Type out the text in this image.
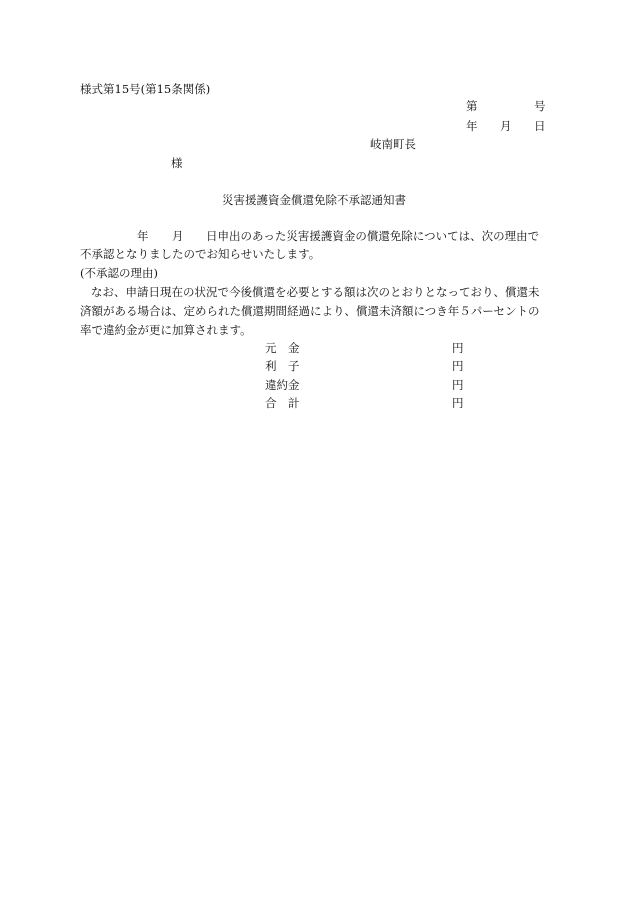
様式第15号(第15条関係)
第	号
年 月 日
岐南町長
様
災害援護資金償還免除不承認通知書
年 月 日申出のあった災害援護資金の償還免除については、次の理由で
不承認となりましたのでお知らせいたします。
(不承認の理由)
なお、申請日現在の状況で今後償還を必要とする額は次のとおりとなっており、償還未
済額がある場合は、定められた償還期間経過により、償還未済額につき年５パーセントの
率で違約金が更に加算されます。
元　金	円
利　子	円
違約金	円
合　計	円
